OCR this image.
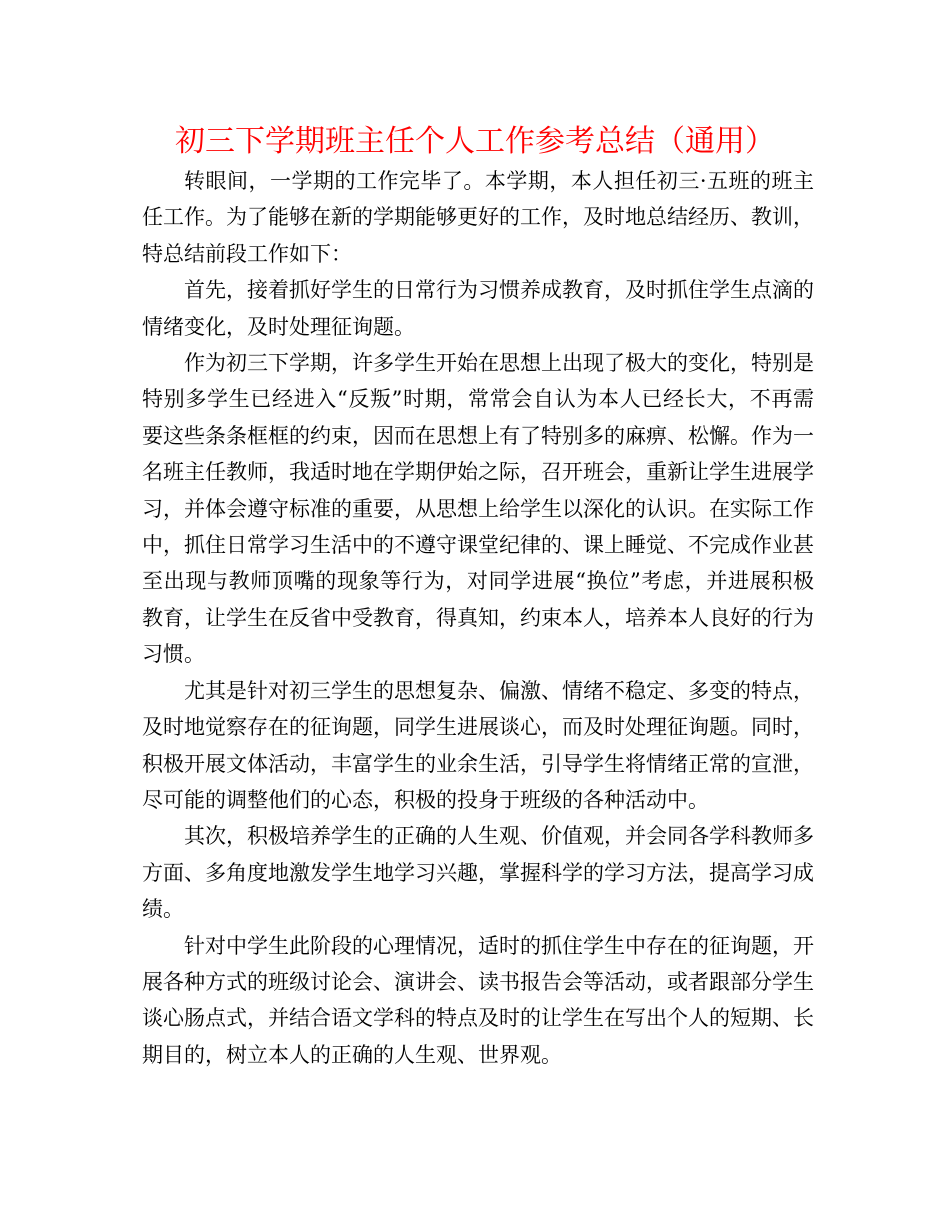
初三下学期班主任个人工作参考总结（通用）

转眼间，一学期的工作完毕了。本学期，本人担任初三·五班的班主任工作。为了能够在新的学期能够更好的工作，及时地总结经历、教训，特总结前段工作如下：

首先，接着抓好学生的日常行为习惯养成教育，及时抓住学生点滴的情绪变化，及时处理征询题。

作为初三下学期，许多学生开始在思想上出现了极大的变化，特别是特别多学生已经进入“反叛”时期，常常会自认为本人已经长大，不再需要这些条条框框的约束，因而在思想上有了特别多的麻痹、松懈。作为一名班主任教师，我适时地在学期伊始之际，召开班会，重新让学生进展学习，并体会遵守标准的重要，从思想上给学生以深化的认识。在实际工作中，抓住日常学习生活中的不遵守课堂纪律的、课上睡觉、不完成作业甚至出现与教师顶嘴的现象等行为，对同学进展“换位”考虑，并进展积极教育，让学生在反省中受教育，得真知，约束本人，培养本人良好的行为习惯。

尤其是针对初三学生的思想复杂、偏激、情绪不稳定、多变的特点，及时地觉察存在的征询题，同学生进展谈心，而及时处理征询题。同时，积极开展文体活动，丰富学生的业余生活，引导学生将情绪正常的宣泄，尽可能的调整他们的心态，积极的投身于班级的各种活动中。

其次，积极培养学生的正确的人生观、价值观，并会同各学科教师多方面、多角度地激发学生地学习兴趣，掌握科学的学习方法，提高学习成绩。

针对中学生此阶段的心理情况，适时的抓住学生中存在的征询题，开展各种方式的班级讨论会、演讲会、读书报告会等活动，或者跟部分学生谈心肠点式，并结合语文学科的特点及时的让学生在写出个人的短期、长期目的，树立本人的正确的人生观、世界观。
